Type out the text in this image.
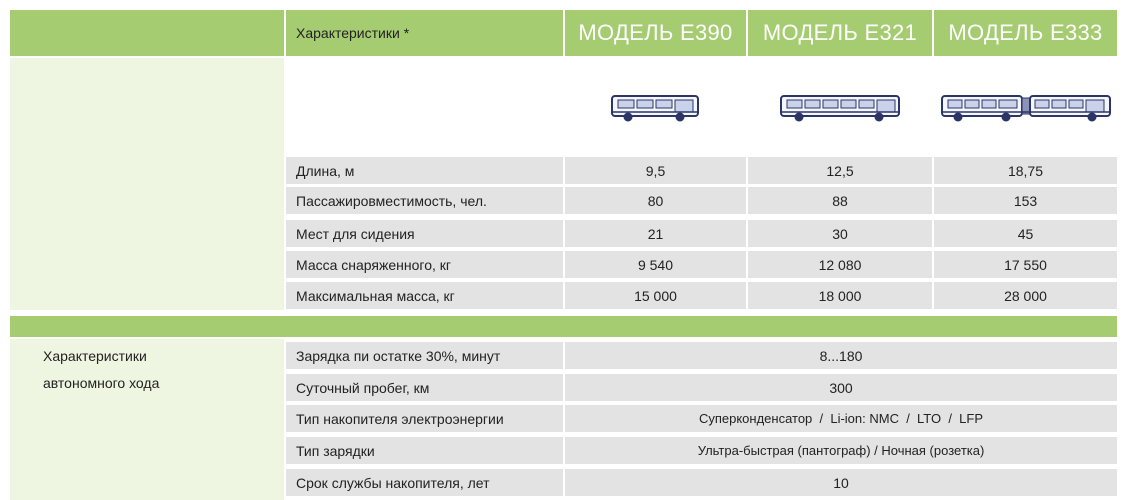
Характеристики
автономного хода
Характеристики *	МОДЕЛЬ Е390	МОДЕЛЬ Е321	МОДЕЛЬ Е333
Длина, м	9,5	12,5	18,75
Пассажировместимость, чел.	80	88	153
Мест для сидения	21	30	45
Масса снаряженного, кг	9 540	12 080	17 550
Максимальная масса, кг	15 000	18 000	28 000
Зарядка пи остатке 30%, минут	8...180
Суточный пробег, км	300
Тип накопителя электроэнергии	Суперконденсатор  /  Li-ion: NMC  /  LTO  /  LFP
Тип зарядки	Ультра-быстрая (пантограф) / Ночная (розетка)
Срок службы накопителя, лет	10
